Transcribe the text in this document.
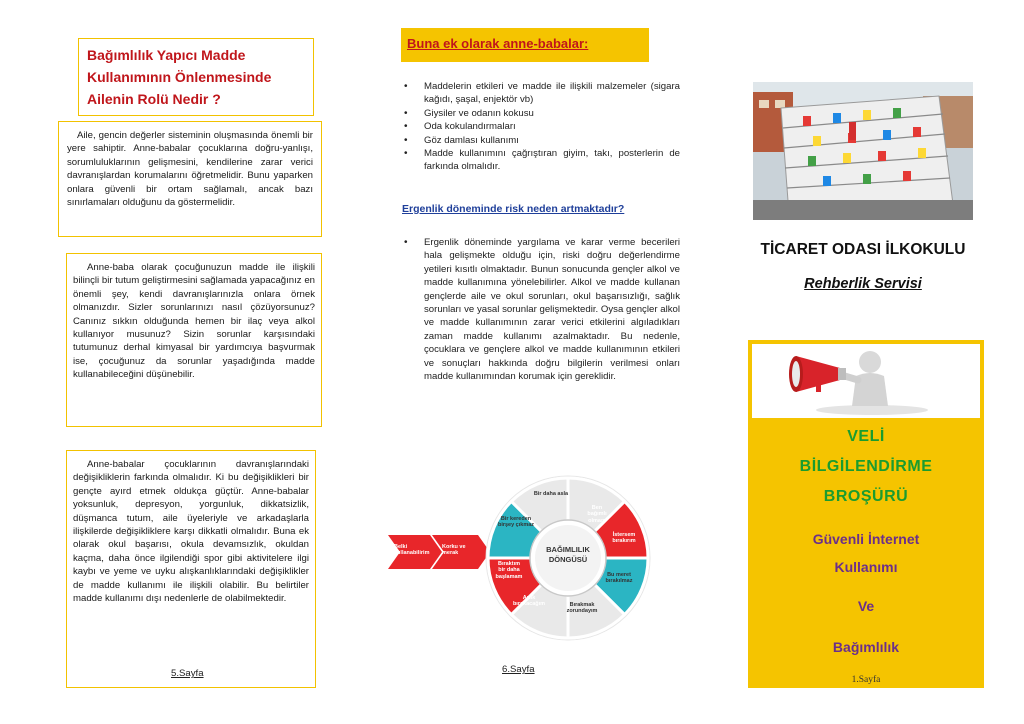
Bağımlılık Yapıcı Madde Kullanımının Önlenmesinde Ailenin Rolü Nedir ?

Aile, gencin değerler sisteminin oluşmasında önemli bir yere sahiptir. Anne-babalar çocuklarına doğru-yanlışı, sorumluluklarının gelişmesini, kendilerine zarar verici davranışlardan korumalarını öğretmelidir. Bunu yaparken onlara güvenli bir ortam sağlamalı, ancak bazı sınırlamaları olduğunu da göstermelidir.

Anne-baba olarak çocuğunuzun madde ile ilişkili bilinçli bir tutum geliştirmesini sağlamada yapacağınız en önemli şey, kendi davranışlarınızla onlara örnek olmanızdır. Sizler sorunlarınızı nasıl çözüyorsunuz? Canınız sıkkın olduğunda hemen bir ilaç veya alkol kullanıyor musunuz? Sizin sorunlar karşısındaki tutumunuz derhal kimyasal bir yardımcıya başvurmak ise, çocuğunuz da sorunlar yaşadığında madde kullanabileceğini düşünebilir.

Anne-babalar çocuklarının davranışlarındaki değişikliklerin farkında olmalıdır. Ki bu değişiklikleri bir gençte ayırd etmek oldukça güçtür. Anne-babalar yoksunluk, depresyon, yorgunluk, dikkatsizlik, düşmanca tutum, aile üyeleriyle ve arkadaşlarla ilişkilerde değişikliklere karşı dikkatli olmalıdır. Buna ek olarak okul başarısı, okula devamsızlık, okuldan kaçma, daha önce ilgilendiği spor gibi aktivitelere ilgi kaybı ve yeme ve uyku alışkanlıklarındaki değişiklikler de madde kullanımı ile ilişkili olabilir. Bu belirtiler madde kullanımı dışı nedenlerle de olabilmektedir.

5.Sayfa
Buna ek olarak anne-babalar:
• Maddelerin etkileri ve madde ile ilişkili malzemeler (sigara kağıdı, şaşal, enjektör vb)
• Giysiler ve odanın kokusu
• Oda kokulandırmaları
• Göz damlası kullanımı
• Madde kullanımını çağrıştıran giyim, takı, posterlerin de farkında olmalıdır.
Ergenlik döneminde risk neden artmaktadır?
• Ergenlik döneminde yargılama ve karar verme becerileri hala gelişmekte olduğu için, riski doğru değerlendirme yetileri kısıtlı olmaktadır. Bunun sonucunda gençler alkol ve madde kullanımına yönelebilirler. Alkol ve madde kullanan gençlerde aile ve okul sorunları, okul başarısızlığı, sağlık sorunları ve yasal sorunlar gelişmektedir. Oysa gençler alkol ve madde kullanımının zarar verici etkilerini algıladıkları zaman madde kullanımı azalmaktadır. Bu nedenle, çocuklara ve gençlere alkol ve madde kullanımının etkileri ve sonuçları hakkında doğru bilgilerin verilmesi onları madde kullanımından korumak için gereklidir.
Belki kullanabilirim
Korku ve merak	BAĞIMLILIK DÖNGÜSÜ
Bir daha asla
Ben bağımlı olmam
İstersem bırakırım
Bu meret bırakılmaz
Bırakmak zorundayım
Artık bırakacağım
Bıraktım bir daha başlamam
Bir kereden birşey çıkmaz
6.Sayfa
TİCARET ODASI İLKOKULU
Rehberlik Servisi
VELİ
BİLGİLENDİRME
BROŞÜRÜ
Güvenli İnternet
Kullanımı
Ve
Bağımlılık
1.Sayfa
